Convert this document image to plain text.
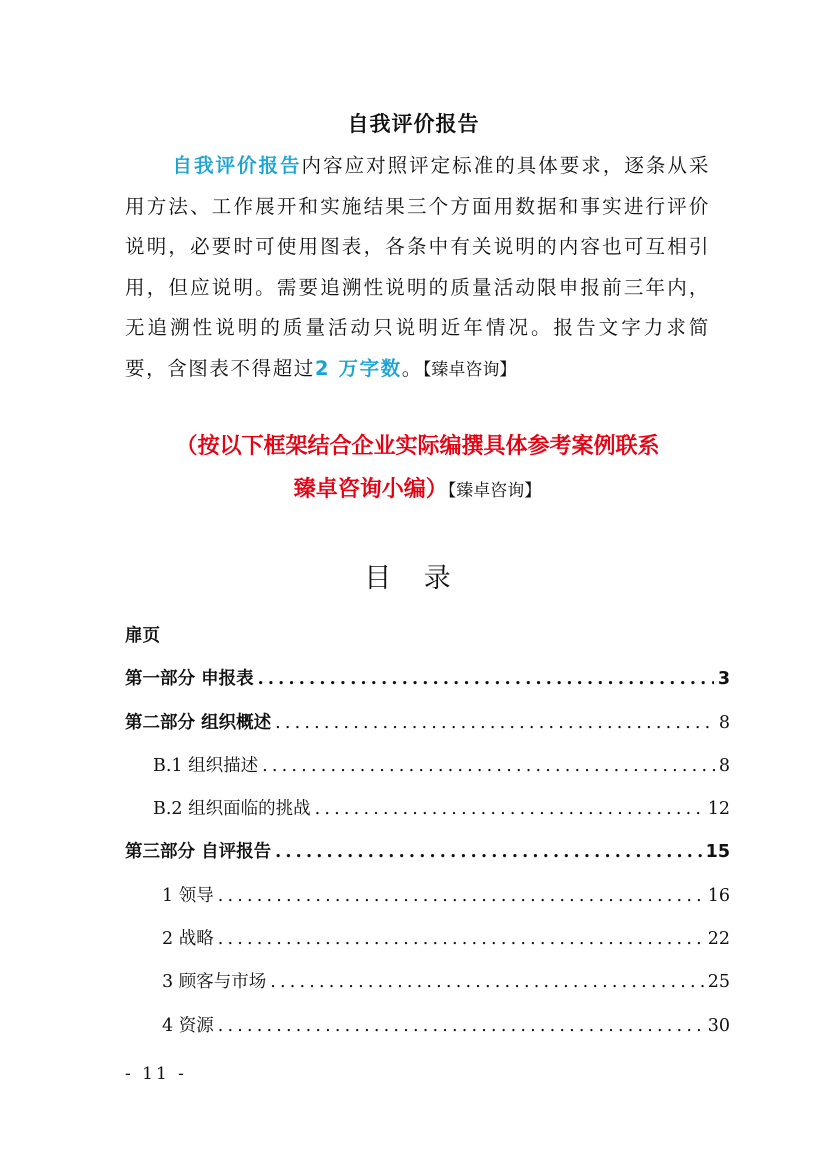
自我评价报告
自我评价报告内容应对照评定标准的具体要求，逐条从采用方法、工作展开和实施结果三个方面用数据和事实进行评价说明，必要时可使用图表，各条中有关说明的内容也可互相引用，但应说明。需要追溯性说明的质量活动限申报前三年内，无追溯性说明的质量活动只说明近年情况。报告文字力求简要，含图表不得超过2 万字数。【臻卓咨询】
（按以下框架结合企业实际编撰具体参考案例联系
臻卓咨询小编）【臻卓咨询】
目 录
扉页
第一部分 申报表 .....	3
第二部分 组织概述 .....	8
B.1 组织描述 .....	8
B.2 组织面临的挑战 .....	12
第三部分 自评报告 .....	15
1 领导 .....	16
2 战略 .....	22
3 顾客与市场 .....	25
4 资源 .....	30
- 11 -
